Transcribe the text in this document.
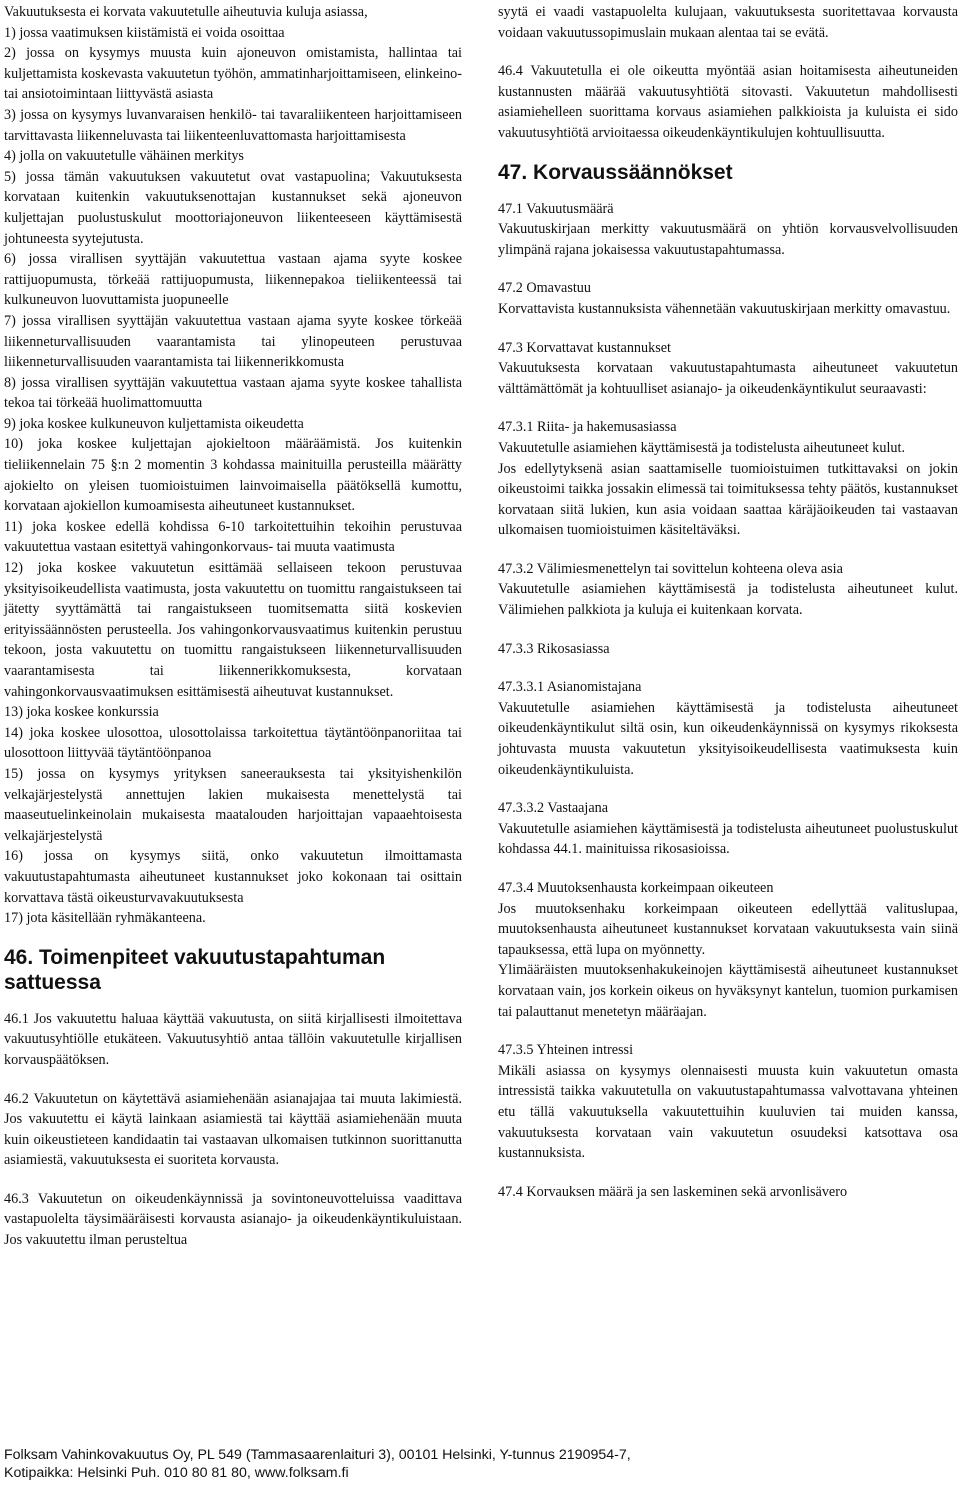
Vakuutuksesta ei korvata vakuutetulle aiheutuvia kuluja asiassa,

1) jossa vaatimuksen kiistämistä ei voida osoittaa

2) jossa on kysymys muusta kuin ajoneuvon omistamista, hallintaa tai kuljettamista koskevasta vakuutetun työhön, ammatinharjoittamiseen, elinkeino- tai ansiotoimintaan liittyvästä asiasta

3) jossa on kysymys luvanvaraisen henkilö- tai tavaraliikenteen harjoittamiseen tarvittavasta liikenneluvasta tai liikenteenluvattomasta harjoittamisesta

4) jolla on vakuutetulle vähäinen merkitys

5) jossa tämän vakuutuksen vakuutetut ovat vastapuolina; Vakuutuksesta korvataan kuitenkin vakuutuksenottajan kustannukset sekä ajoneuvon kuljettajan puolustuskulut moottoriajoneuvon liikenteeseen käyttämisestä johtuneesta syytejutusta.

6) jossa virallisen syyttäjän vakuutettua vastaan ajama syyte koskee rattijuopumusta, törkeää rattijuopumusta, liikennepakoa tieliikenteessä tai kulkuneuvon luovuttamista juopuneelle

7) jossa virallisen syyttäjän vakuutettua vastaan ajama syyte koskee törkeää liikenneturvallisuuden vaarantamista tai ylinopeuteen perustuvaa liikenneturvallisuuden vaarantamista tai liikennerikkomusta

8) jossa virallisen syyttäjän vakuutettua vastaan ajama syyte koskee tahallista tekoa tai törkeää huolimattomuutta

9) joka koskee kulkuneuvon kuljettamista oikeudetta

10) joka koskee kuljettajan ajokieltoon määräämistä. Jos kuitenkin tieliikennelain 75 §:n 2 momentin 3 kohdassa mainituilla perusteilla määrätty ajokielto on yleisen tuomioistuimen lainvoimaisella päätöksellä kumottu, korvataan ajokiellon kumoamisesta aiheutuneet kustannukset.

11) joka koskee edellä kohdissa 6-10 tarkoitettuihin tekoihin perustuvaa vakuutettua vastaan esitettyä vahingonkorvaus- tai muuta vaatimusta

12) joka koskee vakuutetun esittämää sellaiseen tekoon perustuvaa yksityisoikeudellista vaatimusta, josta vakuutettu on tuomittu rangaistukseen tai jätetty syyttämättä tai rangaistukseen tuomitsematta siitä koskevien erityissäännösten perusteella. Jos vahingonkorvausvaatimus kuitenkin perustuu tekoon, josta vakuutettu on tuomittu rangaistukseen liikenneturvallisuuden vaarantamisesta tai liikennerikkomuksesta, korvataan vahingonkorvausvaatimuksen esittämisestä aiheutuvat kustannukset.

13) joka koskee konkurssia

14) joka koskee ulosottoa, ulosottolaissa tarkoitettua täytäntöönpanoriitaa tai ulosottoon liittyvää täytäntöönpanoa

15) jossa on kysymys yrityksen saneerauksesta tai yksityishenkilön velkajärjestelystä annettujen lakien mukaisesta menettelystä tai maaseutuelinkeinolain mukaisesta maatalouden harjoittajan vapaaehtoisesta velkajärjestelystä

16) jossa on kysymys siitä, onko vakuutetun ilmoittamasta vakuutustapahtumasta aiheutuneet kustannukset joko kokonaan tai osittain korvattava tästä oikeusturvavakuutuksesta

17) jota käsitellään ryhmäkanteena.

46. Toimenpiteet vakuutustapahtuman sattuessa

46.1 Jos vakuutettu haluaa käyttää vakuutusta, on siitä kirjallisesti ilmoitettava vakuutusyhtiölle etukäteen. Vakuutusyhtiö antaa tällöin vakuutetulle kirjallisen korvauspäätöksen.

46.2 Vakuutetun on käytettävä asiamiehenään asianajajaa tai muuta lakimiestä. Jos vakuutettu ei käytä lainkaan asiamiestä tai käyttää asiamiehenään muuta kuin oikeustieteen kandidaatin tai vastaavan ulkomaisen tutkinnon suorittanutta asiamiestä, vakuutuksesta ei suoriteta korvausta.

46.3 Vakuutetun on oikeudenkäynnissä ja sovintoneuvotteluissa vaadittava vastapuolelta täysimääräisesti korvausta asianajo- ja oikeudenkäyntikuluistaan. Jos vakuutettu ilman perusteltua

syytä ei vaadi vastapuolelta kulujaan, vakuutuksesta suoritettavaa korvausta voidaan vakuutussopimuslain mukaan alentaa tai se evätä.

46.4 Vakuutetulla ei ole oikeutta myöntää asian hoitamisesta aiheutuneiden kustannusten määrää vakuutusyhtiötä sitovasti. Vakuutetun mahdollisesti asiamiehelleen suorittama korvaus asiamiehen palkkioista ja kuluista ei sido vakuutusyhtiötä arvioitaessa oikeudenkäyntikulujen kohtuullisuutta.

47. Korvaussäännökset

47.1 Vakuutusmäärä

Vakuutuskirjaan merkitty vakuutusmäärä on yhtiön korvausvelvollisuuden ylimpänä rajana jokaisessa vakuutustapahtumassa.

47.2 Omavastuu

Korvattavista kustannuksista vähennetään vakuutuskirjaan merkitty omavastuu.

47.3 Korvattavat kustannukset

Vakuutuksesta korvataan vakuutustapahtumasta aiheutuneet vakuutetun välttämättömät ja kohtuulliset asianajo- ja oikeudenkäyntikulut seuraavasti:

47.3.1 Riita- ja hakemusasiassa

Vakuutetulle asiamiehen käyttämisestä ja todistelusta aiheutuneet kulut.

Jos edellytyksenä asian saattamiselle tuomioistuimen tutkittavaksi on jokin oikeustoimi taikka jossakin elimessä tai toimituksessa tehty päätös, kustannukset korvataan siitä lukien, kun asia voidaan saattaa käräjäoikeuden tai vastaavan ulkomaisen tuomioistuimen käsiteltäväksi.

47.3.2 Välimiesmenettelyn tai sovittelun kohteena oleva asia

Vakuutetulle asiamiehen käyttämisestä ja todistelusta aiheutuneet kulut. Välimiehen palkkiota ja kuluja ei kuitenkaan korvata.

47.3.3 Rikosasiassa

47.3.3.1 Asianomistajana

Vakuutetulle asiamiehen käyttämisestä ja todistelusta aiheutuneet oikeudenkäyntikulut siltä osin, kun oikeudenkäynnissä on kysymys rikoksesta johtuvasta muusta vakuutetun yksityisoikeudellisesta vaatimuksesta kuin oikeudenkäyntikuluista.

47.3.3.2 Vastaajana

Vakuutetulle asiamiehen käyttämisestä ja todistelusta aiheutuneet puolustuskulut kohdassa 44.1. mainituissa rikosasioissa.

47.3.4 Muutoksenhausta korkeimpaan oikeuteen

Jos muutoksenhaku korkeimpaan oikeuteen edellyttää valituslupaa, muutoksenhausta aiheutuneet kustannukset korvataan vakuutuksesta vain siinä tapauksessa, että lupa on myönnetty.

Ylimääräisten muutoksenhakukeinojen käyttämisestä aiheutuneet kustannukset korvataan vain, jos korkein oikeus on hyväksynyt kantelun, tuomion purkamisen tai palauttanut menetetyn määräajan.

47.3.5 Yhteinen intressi

Mikäli asiassa on kysymys olennaisesti muusta kuin vakuutetun omasta intressistä taikka vakuutetulla on vakuutustapahtumassa valvottavana yhteinen etu tällä vakuutuksella vakuutettuihin kuuluvien tai muiden kanssa, vakuutuksesta korvataan vain vakuutetun osuudeksi katsottava osa kustannuksista.

47.4 Korvauksen määrä ja sen laskeminen sekä arvonlisävero

Folksam Vahinkovakuutus Oy, PL 549 (Tammasaarenlaituri 3), 00101 Helsinki, Y-tunnus 2190954-7,
Kotipaikka: Helsinki Puh. 010 80 81 80, www.folksam.fi
